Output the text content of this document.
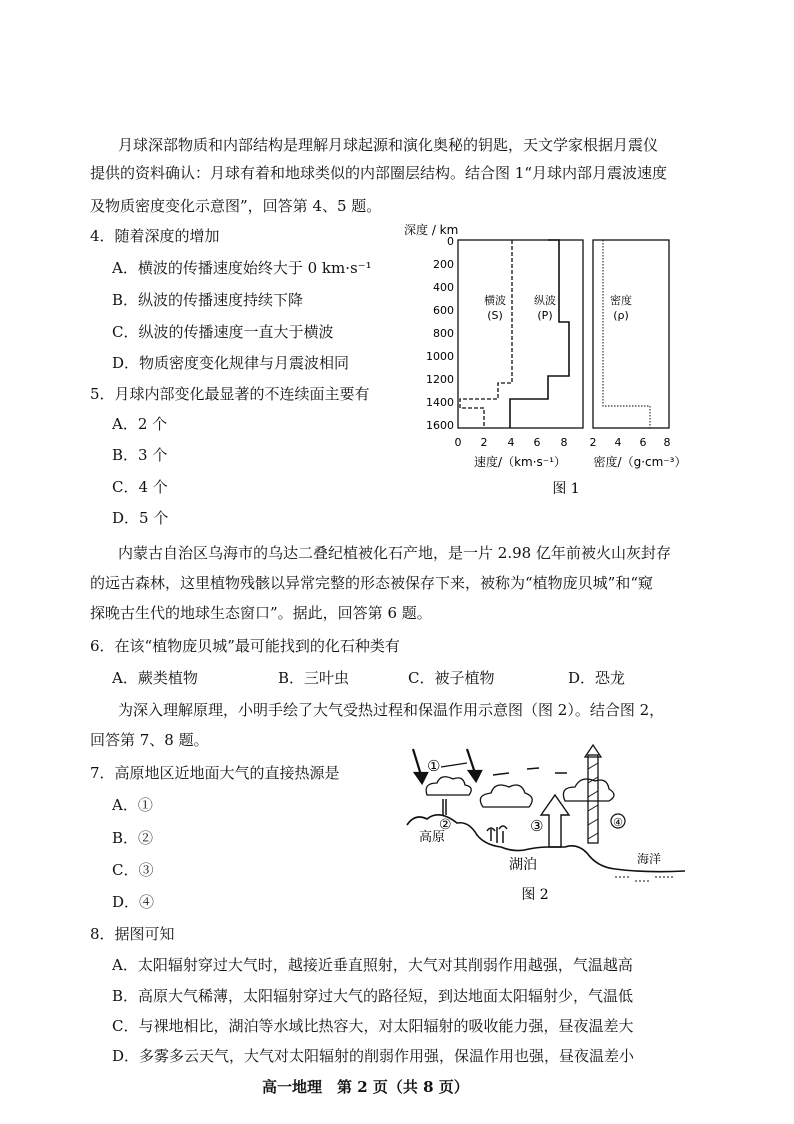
月球深部物质和内部结构是理解月球起源和演化奥秘的钥匙，天文学家根据月震仪
提供的资料确认：月球有着和地球类似的内部圈层结构。结合图 1“月球内部月震波速度
及物质密度变化示意图”，回答第 4、5 题。
4．随着深度的增加
A．横波的传播速度始终大于 0 km·s⁻¹
B．纵波的传播速度持续下降
C．纵波的传播速度一直大于横波
D．物质密度变化规律与月震波相同
5．月球内部变化最显著的不连续面主要有
A．2 个
B．3 个
C．4 个
D．5 个
深度 / km
0
200
400
600
800
1000
1200
1400
1600
横波
(S)
纵波
(P)
密度
(ρ)
0 2 4 6 8 2 4 6 8
速度/（km·s⁻¹） 密度/（g·cm⁻³）
图 1
内蒙古自治区乌海市的乌达二叠纪植被化石产地，是一片 2.98 亿年前被火山灰封存
的远古森林，这里植物残骸以异常完整的形态被保存下来，被称为“植物庞贝城”和“窥
探晚古生代的地球生态窗口”。据此，回答第 6 题。
6．在该“植物庞贝城”最可能找到的化石种类有
A．蕨类植物	B．三叶虫	C．被子植物	D．恐龙
为深入理解原理，小明手绘了大气受热过程和保温作用示意图（图 2）。结合图 2，
回答第 7、8 题。
7．高原地区近地面大气的直接热源是
A．①
B．②
C．③
D．④
①
②	③	④
高原
湖泊	海洋
图 2
8．据图可知
A．太阳辐射穿过大气时，越接近垂直照射，大气对其削弱作用越强，气温越高
B．高原大气稀薄，太阳辐射穿过大气的路径短，到达地面太阳辐射少，气温低
C．与裸地相比，湖泊等水域比热容大，对太阳辐射的吸收能力强，昼夜温差大
D．多雾多云天气，大气对太阳辐射的削弱作用强，保温作用也强，昼夜温差小
高一地理　第 2 页（共 8 页）
